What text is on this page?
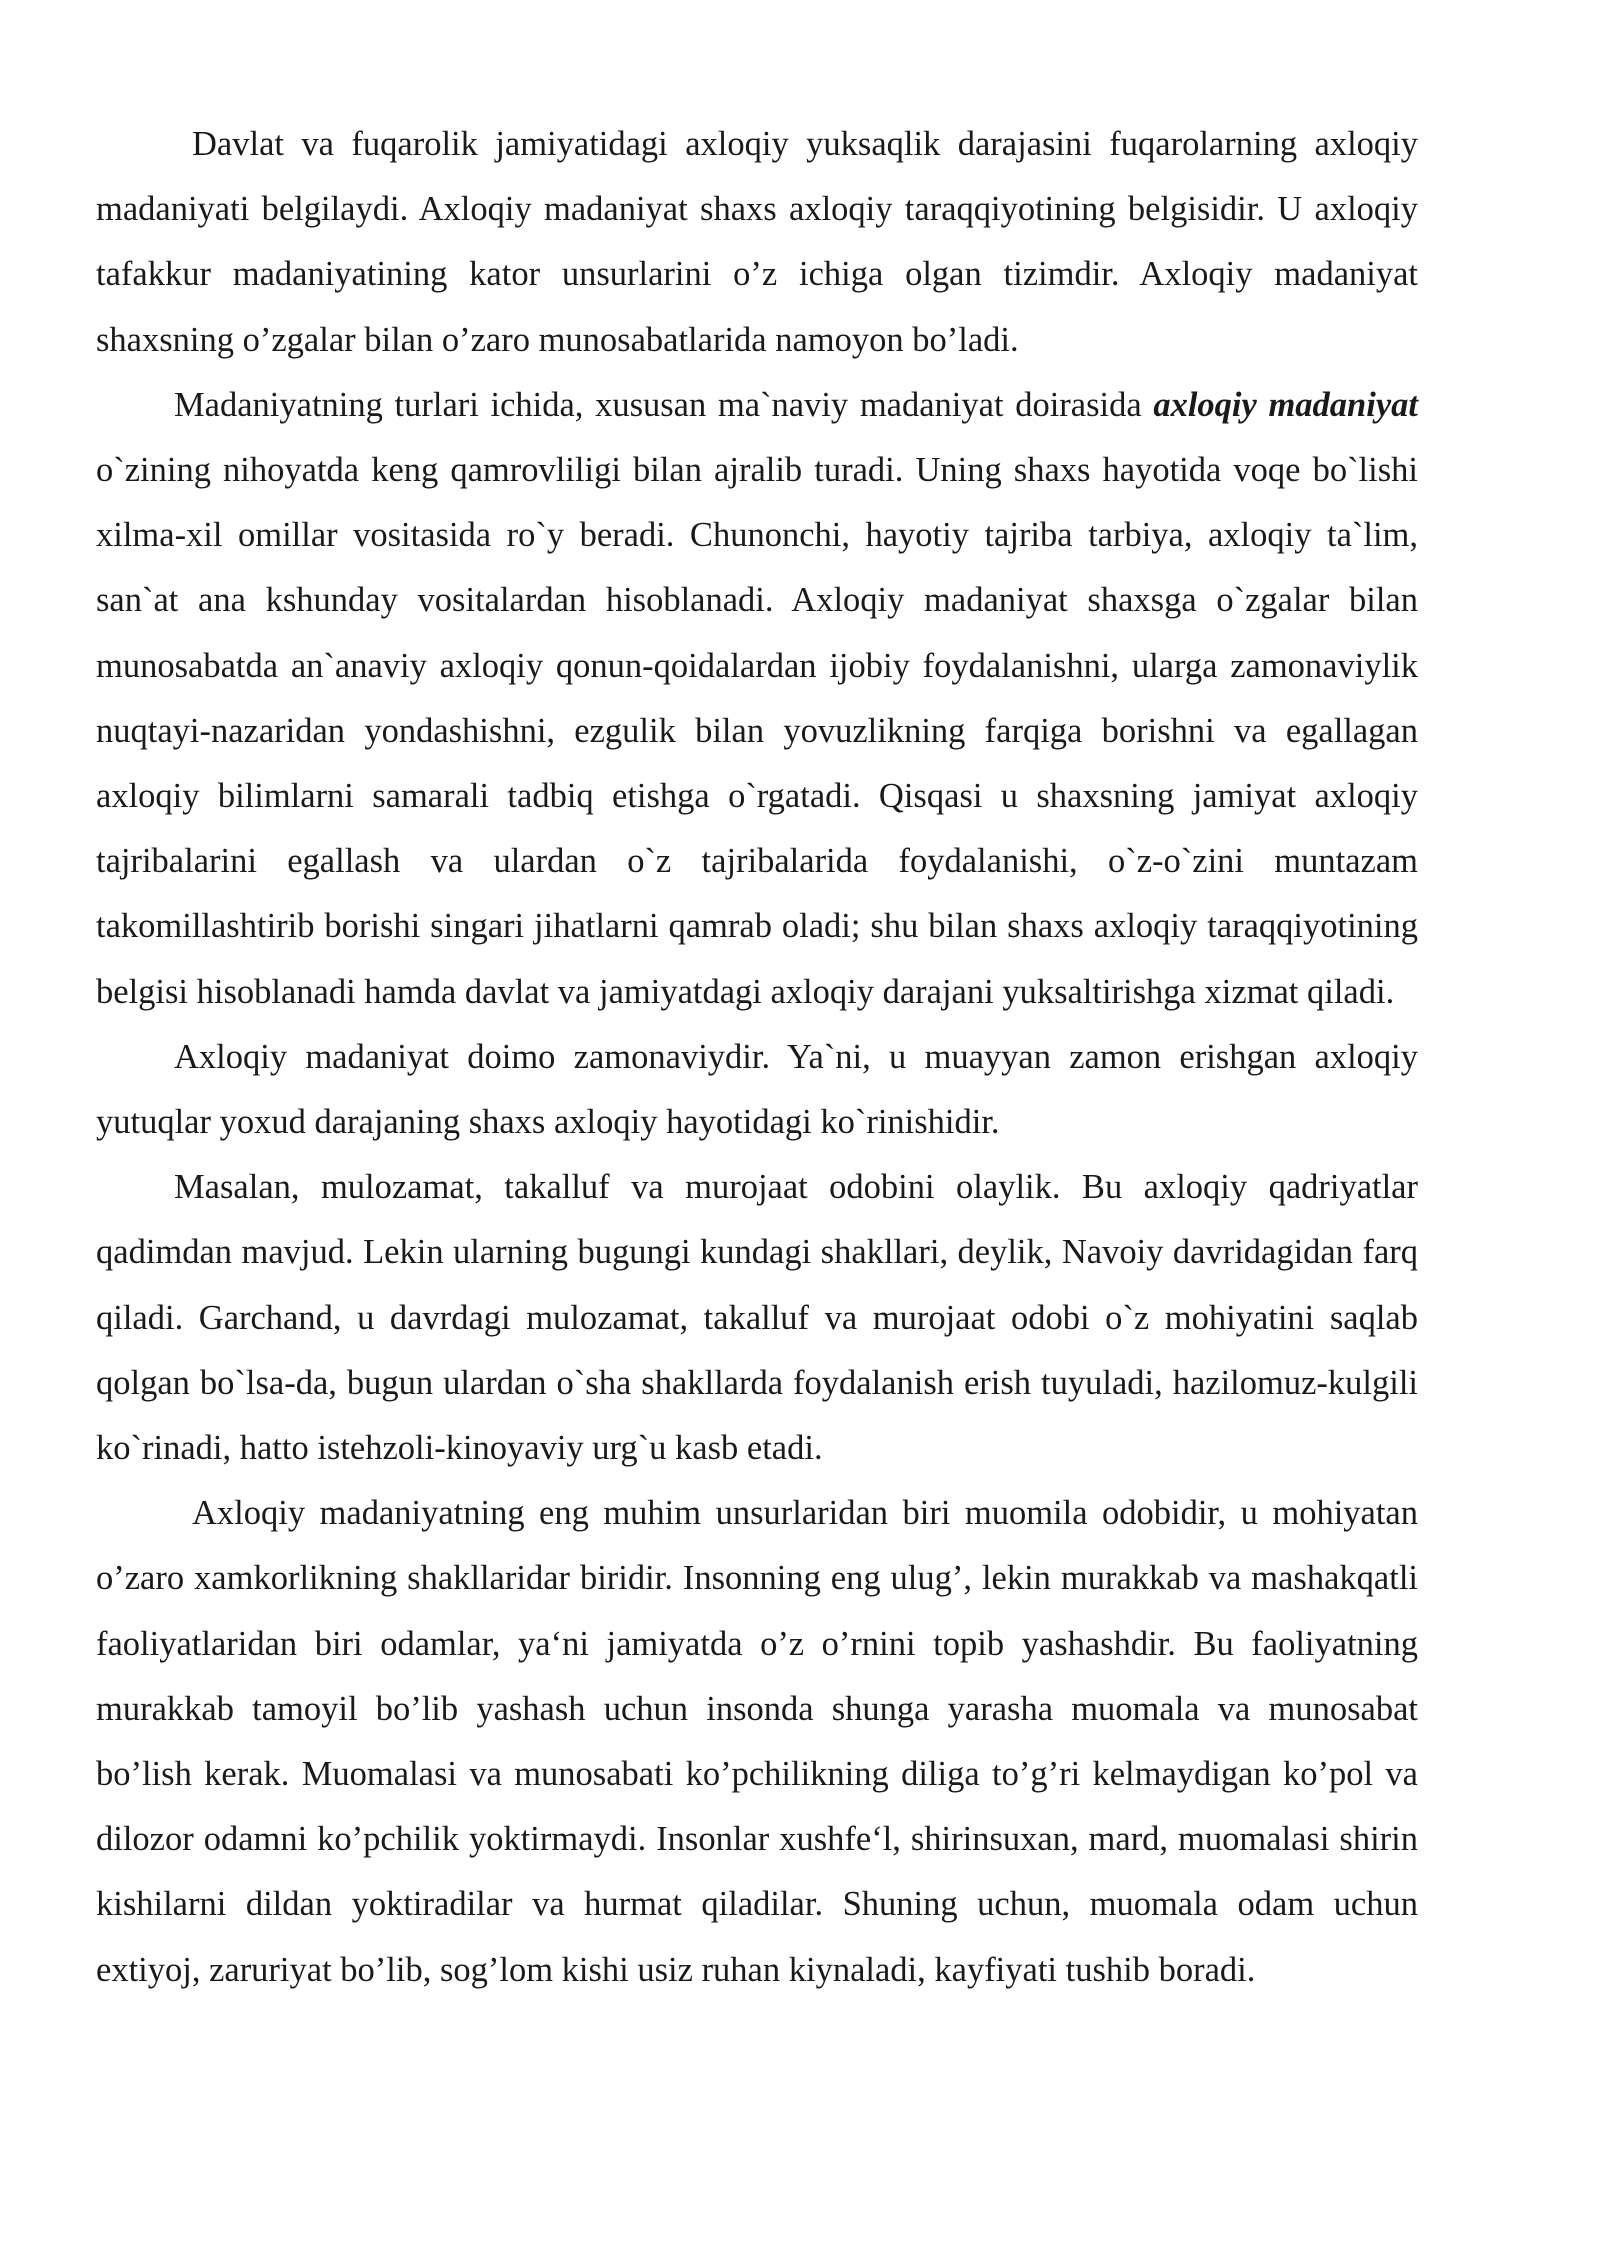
Davlat va fuqarolik jamiyatidagi axloqiy yuksaqlik darajasini fuqarolarning axloqiy madaniyati belgilaydi. Axloqiy madaniyat shaxs axloqiy taraqqiyotining belgisidir. U axloqiy tafakkur madaniyatining kator unsurlarini o’z ichiga olgan tizimdir. Axloqiy madaniyat shaxsning o’zgalar bilan o’zaro munosabatlarida namoyon bo’ladi.

Madaniyatning turlari ichida, xususan ma`naviy madaniyat doirasida axloqiy madaniyat o`zining nihoyatda keng qamrovliligi bilan ajralib turadi. Uning shaxs hayotida voqe bo`lishi xilma-xil omillar vositasida ro`y beradi. Chunonchi, hayotiy tajriba tarbiya, axloqiy ta`lim, san`at ana kshunday vositalardan hisoblanadi. Axloqiy madaniyat shaxsga o`zgalar bilan munosabatda an`anaviy axloqiy qonun-qoidalardan ijobiy foydalanishni, ularga zamonaviylik nuqtayi-nazaridan yondashishni, ezgulik bilan yovuzlikning farqiga borishni va egallagan axloqiy bilimlarni samarali tadbiq etishga o`rgatadi. Qisqasi u shaxsning jamiyat axloqiy tajribalarini egallash va ulardan o`z tajribalarida foydalanishi, o`z-o`zini muntazam takomillashtirib borishi singari jihatlarni qamrab oladi; shu bilan shaxs axloqiy taraqqiyotining belgisi hisoblanadi hamda davlat va jamiyatdagi axloqiy darajani yuksaltirishga xizmat qiladi.

Axloqiy madaniyat doimo zamonaviydir. Ya`ni, u muayyan zamon erishgan axloqiy yutuqlar yoxud darajaning shaxs axloqiy hayotidagi ko`rinishidir.

Masalan, mulozamat, takalluf va murojaat odobini olaylik. Bu axloqiy qadriyatlar qadimdan mavjud. Lekin ularning bugungi kundagi shakllari, deylik, Navoiy davridagidan farq qiladi. Garchand, u davrdagi mulozamat, takalluf va murojaat odobi o`z mohiyatini saqlab qolgan bo`lsa-da, bugun ulardan o`sha shakllarda foydalanish erish tuyuladi, hazilomuz-kulgili ko`rinadi, hatto istehzoli-kinoyaviy urg`u kasb etadi.

Axloqiy madaniyatning eng muhim unsurlaridan biri muomila odobidir, u mohiyatan o’zaro xamkorlikning shakllaridar biridir. Insonning eng ulug’, lekin murakkab va mashakqatli faoliyatlaridan biri odamlar, ya‘ni jamiyatda o’z o’rnini topib yashashdir. Bu faoliyatning murakkab tamoyil bo’lib yashash uchun insonda shunga yarasha muomala va munosabat bo’lish kerak. Muomalasi va munosabati ko’pchilikning diliga to’g’ri kelmaydigan ko’pol va dilozor odamni ko’pchilik yoktirmaydi. Insonlar xushfe‘l, shirinsuxan, mard, muomalasi shirin kishilarni dildan yoktiradilar va hurmat qiladilar. Shuning uchun, muomala odam uchun extiyoj, zaruriyat bo’lib, sog’lom kishi usiz ruhan kiynaladi, kayfiyati tushib boradi.
